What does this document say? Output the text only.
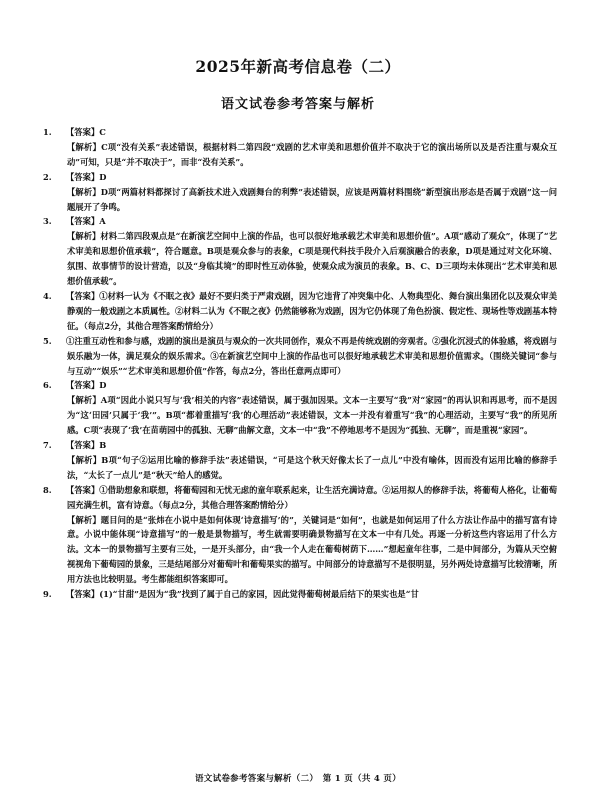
2025年新高考信息卷（二）
语文试卷参考答案与解析

1. 【答案】C

【解析】C项“没有关系”表述错误，根据材料二第四段“戏剧的艺术审美和思想价值并不取决于它的演出场所以及是否注重与观众互动”可知，只是“并不取决于”，而非“没有关系”。

2. 【答案】D

【解析】D项“两篇材料都探讨了高新技术进入戏剧舞台的利弊”表述错误，应该是两篇材料围绕“新型演出形态是否属于戏剧”这一问题展开了争鸣。

3. 【答案】A

【解析】材料二第四段观点是“在新演艺空间中上演的作品，也可以很好地承载艺术审美和思想价值”。A项“感动了观众”，体现了“艺术审美和思想价值承载”，符合题意。B项是观众参与的表象，C项是现代科技手段介入后观演融合的表象，D项是通过对文化环境、氛围、故事情节的设计营造，以及“身临其境”的即时性互动体验，使观众成为演员的表象。B、C、D三项均未体现出“艺术审美和思想价值承载”。

4. 【答案】①材料一认为《不眠之夜》最好不要归类于严肃戏剧，因为它违背了冲突集中化、人物典型化、舞台演出集团化以及观众审美静观的一般戏剧之本质属性。②材料二认为《不眠之夜》仍然能够称为戏剧，因为它仍体现了角色扮演、假定性、现场性等戏剧基本特征。（每点2分，其他合理答案酌情给分）

5. ①注重互动性和参与感，戏剧的演出是演员与观众的一次共同创作，观众不再是传统戏剧的旁观者。②强化沉浸式的体验感，将戏剧与娱乐融为一体，满足观众的娱乐需求。③在新演艺空间中上演的作品也可以很好地承载艺术审美和思想价值需求。（围绕关键词“参与与互动”“娱乐”“艺术审美和思想价值”作答，每点2分，答出任意两点即可）

6. 【答案】D

【解析】A项“因此小说只写与‘我’相关的内容”表述错误，属于强加因果。文本一主要写“我”对“家园”的再认识和再思考，而不是因为“这‘田园’只属于‘我’”。B项“都着重描写‘我’的心理活动”表述错误，文本一并没有着重写“我”的心理活动，主要写“我”的所见所感。C项“表现了‘我’在苗萌园中的孤独、无聊”曲解文意，文本一中“我”不停地思考不是因为“孤独、无聊”，而是重视“家园”。

7. 【答案】B

【解析】B项“句子②运用比喻的修辞手法”表述错误，“可是这个秋天好像太长了一点儿”中没有喻体，因而没有运用比喻的修辞手法，“太长了一点儿”是“秋天”给人的感觉。

8. 【答案】①借助想象和联想，将葡萄园和无忧无虑的童年联系起来，让生活充满诗意。②运用拟人的修辞手法，将葡萄人格化，让葡萄园充满生机，富有诗意。（每点2分，其他合理答案酌情给分）

【解析】题目问的是“张炜在小说中是如何体现‘诗意描写’的”，关键词是“如何”，也就是如何运用了什么方法让作品中的描写富有诗意。小说中能体现“诗意描写”的一般是景物描写，考生就需要明确景物描写在文本一中有几处。再逐一分析这些内容运用了什么方法。文本一的景物描写主要有三处，一是开头部分，由“我一个人走在葡萄树荫下……”想起童年往事，二是中间部分，为篇从天空俯视视角下葡萄园的景象，三是结尾部分对葡萄叶和葡萄果实的描写。中间部分的诗意描写不是很明显，另外两处诗意描写比较清晰，所用方法也比较明显。考生都能组织答案即可。

9. 【答案】(1)“甘甜”是因为“我”找到了属于自己的家园，因此觉得葡萄树最后结下的果实也是“甘

语文试卷参考答案与解析（二）　第 1 页（共 4 页）
